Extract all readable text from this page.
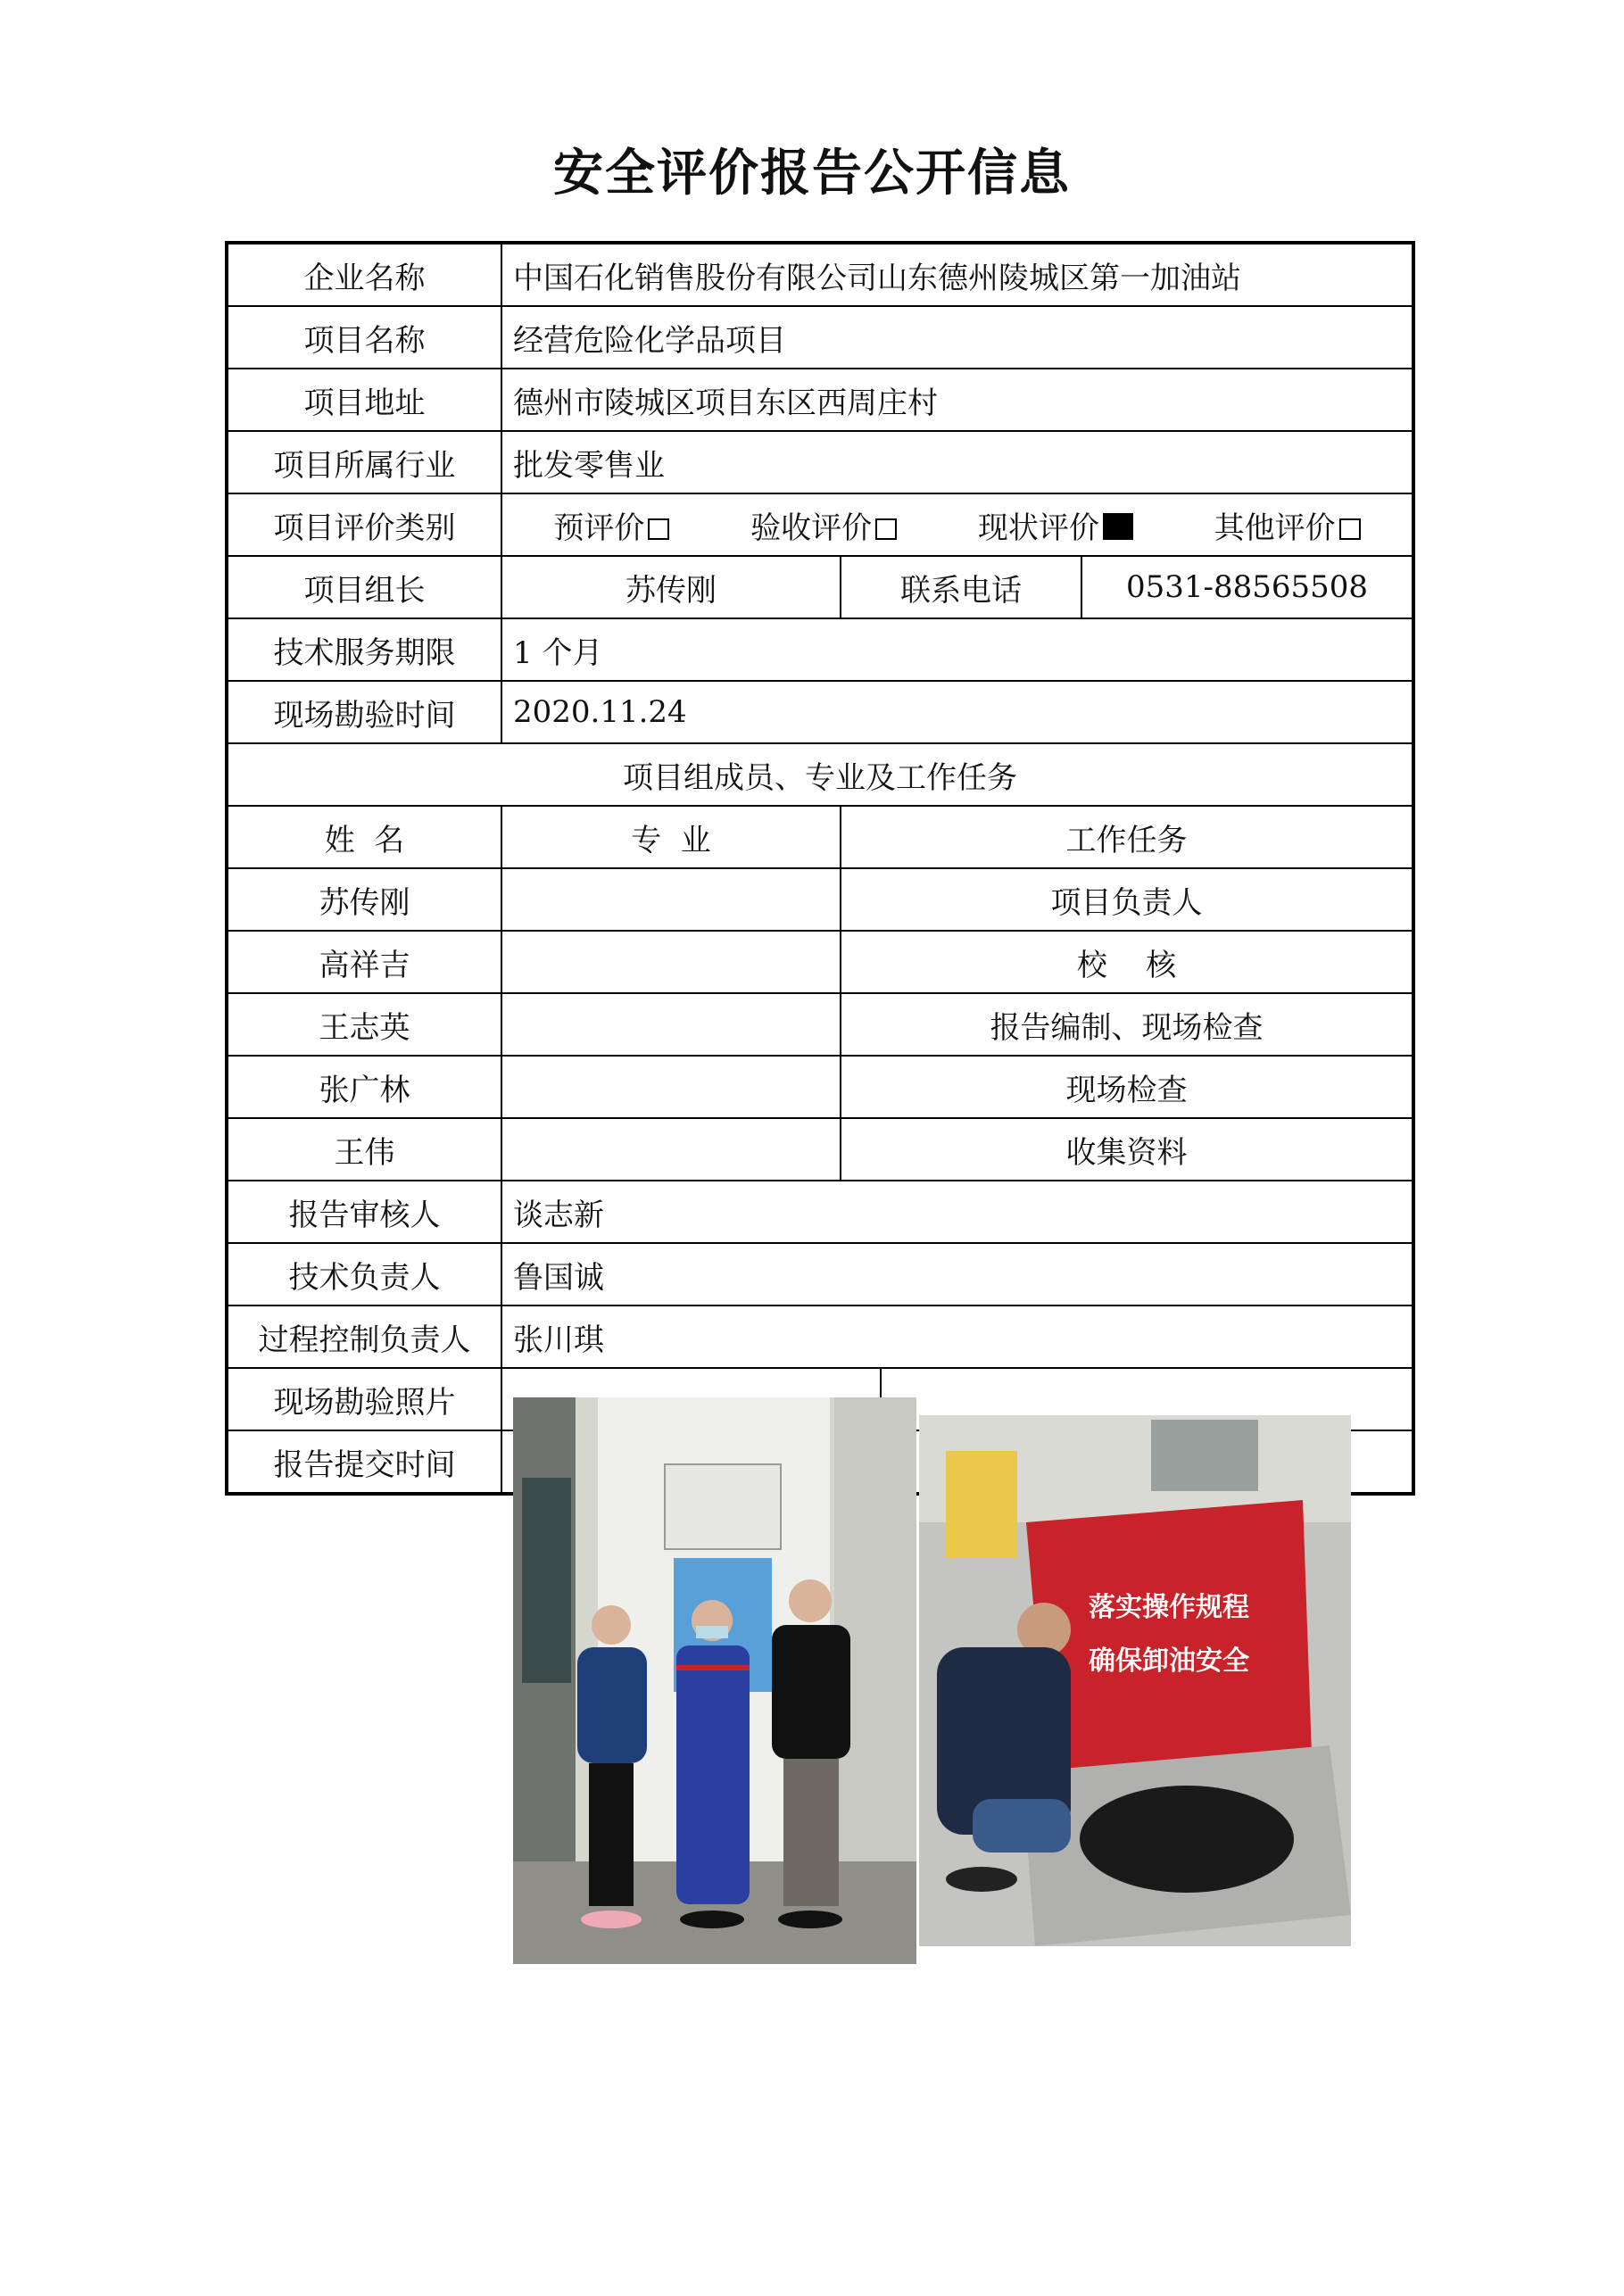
安全评价报告公开信息
企业名称	中国石化销售股份有限公司山东德州陵城区第一加油站			
项目名称	经营危险化学品项目			
项目地址	德州市陵城区项目东区西周庄村			
项目所属行业	批发零售业			
项目评价类别	预评价 验收评价 现状评价 其他评价			

项目组长	苏传刚	联系电话		0531-88565508
技术服务期限	1 个月			
现场勘验时间	2020.11.24			
项目组成员、专业及工作任务				
姓  名	专  业	工作任务		
苏传刚		项目负责人		
高祥吉		校    核		
王志英		报告编制、现场检查		
张广林		现场检查		
王伟		收集资料		
报告审核人	谈志新			
技术负责人	鲁国诚			
过程控制负责人	张川琪			
现场勘验照片			落实操作规程
确保卸油安全	

报告提交时间	
